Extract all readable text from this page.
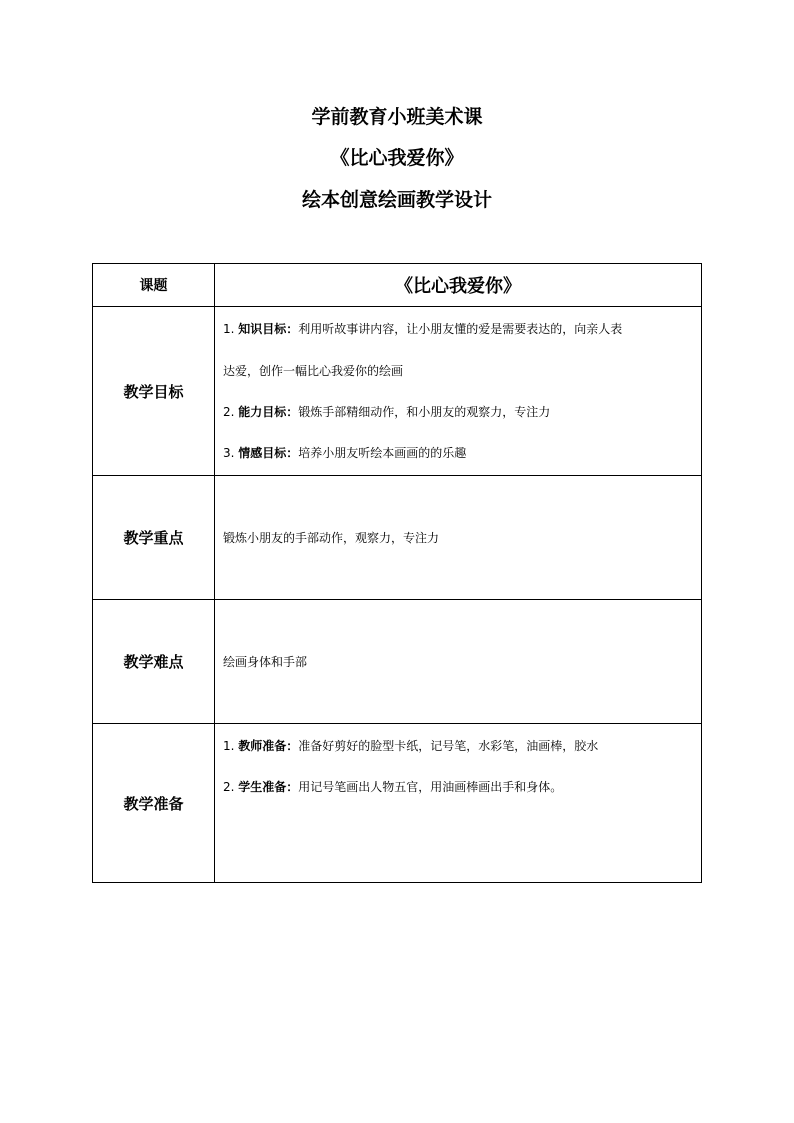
学前教育小班美术课
《比心我爱你》
绘本创意绘画教学设计
课题	《比心我爱你》
教学目标	1. 知识目标：利用听故事讲内容，让小朋友懂的爱是需要表达的，向亲人表
达爱，创作一幅比心我爱你的绘画
2. 能力目标：锻炼手部精细动作，和小朋友的观察力，专注力
3. 情感目标：培养小朋友听绘本画画的的乐趣

教学重点	锻炼小朋友的手部动作，观察力，专注力
教学难点	绘画身体和手部
教学准备	1. 教师准备：准备好剪好的脸型卡纸，记号笔，水彩笔，油画棒，胶水
2. 学生准备：用记号笔画出人物五官，用油画棒画出手和身体。
